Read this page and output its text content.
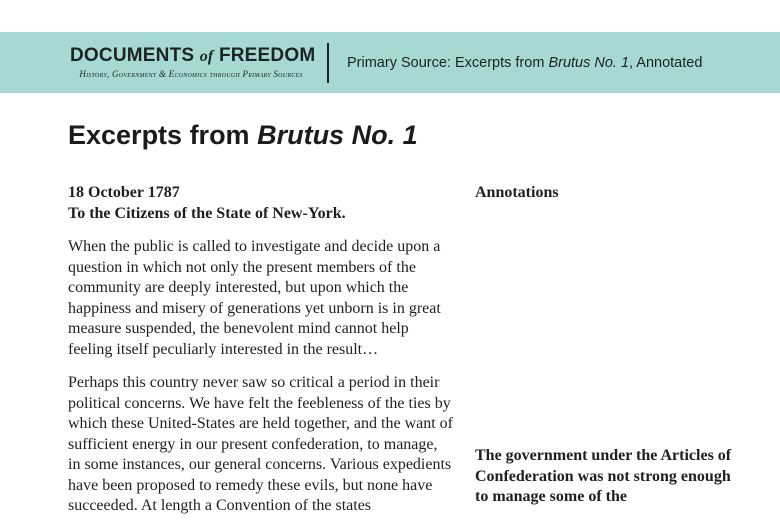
DOCUMENTS of FREEDOM
History, Government & Economics through Primary Sources
Primary Source: Excerpts from Brutus No. 1, Annotated
Excerpts from Brutus No. 1

18 October 1787

To the Citizens of the State of New-York.

When the public is called to investigate and decide upon a question in which not only the present members of the community are deeply interested, but upon which the happiness and misery of generations yet unborn is in great measure suspended, the benevolent mind cannot help feeling itself peculiarly interested in the result…

Perhaps this country never saw so critical a period in their political concerns. We have felt the feebleness of the ties by which these United-States are held together, and the want of sufficient energy in our present confederation, to manage, in some instances, our general concerns. Various expedients have been proposed to remedy these evils, but none have succeeded. At length a Convention of the states

Annotations

The government under the Articles of Confederation was not strong enough to manage some of the
